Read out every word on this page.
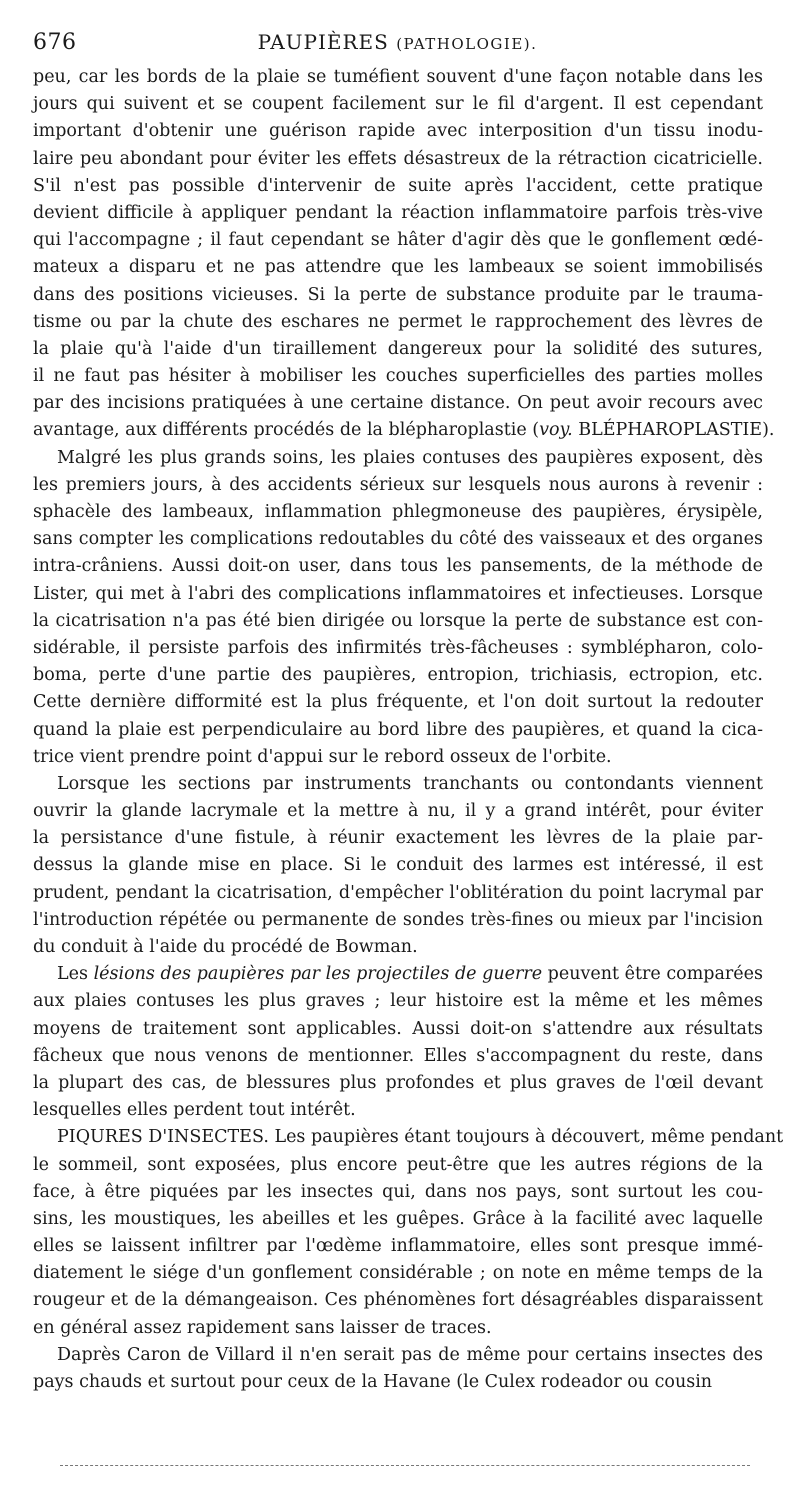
676	PAUPIÈRES (PATHOLOGIE).
peu, car les bords de la plaie se tuméfient souvent d'une façon notable dans les
jours qui suivent et se coupent facilement sur le fil d'argent. Il est cependant
important d'obtenir une guérison rapide avec interposition d'un tissu inodu-
laire peu abondant pour éviter les effets désastreux de la rétraction cicatricielle.
S'il n'est pas possible d'intervenir de suite après l'accident, cette pratique
devient difficile à appliquer pendant la réaction inflammatoire parfois très-vive
qui l'accompagne ; il faut cependant se hâter d'agir dès que le gonflement œdé-
mateux a disparu et ne pas attendre que les lambeaux se soient immobilisés
dans des positions vicieuses. Si la perte de substance produite par le trauma-
tisme ou par la chute des eschares ne permet le rapprochement des lèvres de
la plaie qu'à l'aide d'un tiraillement dangereux pour la solidité des sutures,
il ne faut pas hésiter à mobiliser les couches superficielles des parties molles
par des incisions pratiquées à une certaine distance. On peut avoir recours avec
avantage, aux différents procédés de la blépharoplastie (voy. BLÉPHAROPLASTIE).
Malgré les plus grands soins, les plaies contuses des paupières exposent, dès
les premiers jours, à des accidents sérieux sur lesquels nous aurons à revenir :
sphacèle des lambeaux, inflammation phlegmoneuse des paupières, érysipèle,
sans compter les complications redoutables du côté des vaisseaux et des organes
intra-crâniens. Aussi doit-on user, dans tous les pansements, de la méthode de
Lister, qui met à l'abri des complications inflammatoires et infectieuses. Lorsque
la cicatrisation n'a pas été bien dirigée ou lorsque la perte de substance est con-
sidérable, il persiste parfois des infirmités très-fâcheuses : symblépharon, colo-
boma, perte d'une partie des paupières, entropion, trichiasis, ectropion, etc.
Cette dernière difformité est la plus fréquente, et l'on doit surtout la redouter
quand la plaie est perpendiculaire au bord libre des paupières, et quand la cica-
trice vient prendre point d'appui sur le rebord osseux de l'orbite.
Lorsque les sections par instruments tranchants ou contondants viennent
ouvrir la glande lacrymale et la mettre à nu, il y a grand intérêt, pour éviter
la persistance d'une fistule, à réunir exactement les lèvres de la plaie par-
dessus la glande mise en place. Si le conduit des larmes est intéressé, il est
prudent, pendant la cicatrisation, d'empêcher l'oblitération du point lacrymal par
l'introduction répétée ou permanente de sondes très-fines ou mieux par l'incision
du conduit à l'aide du procédé de Bowman.
Les lésions des paupières par les projectiles de guerre peuvent être comparées
aux plaies contuses les plus graves ; leur histoire est la même et les mêmes
moyens de traitement sont applicables. Aussi doit-on s'attendre aux résultats
fâcheux que nous venons de mentionner. Elles s'accompagnent du reste, dans
la plupart des cas, de blessures plus profondes et plus graves de l'œil devant
lesquelles elles perdent tout intérêt.
PIQURES D'INSECTES. Les paupières étant toujours à découvert, même pendant
le sommeil, sont exposées, plus encore peut-être que les autres régions de la
face, à être piquées par les insectes qui, dans nos pays, sont surtout les cou-
sins, les moustiques, les abeilles et les guêpes. Grâce à la facilité avec laquelle
elles se laissent infiltrer par l'œdème inflammatoire, elles sont presque immé-
diatement le siége d'un gonflement considérable ; on note en même temps de la
rougeur et de la démangeaison. Ces phénomènes fort désagréables disparaissent
en général assez rapidement sans laisser de traces.
Daprès Caron de Villard il n'en serait pas de même pour certains insectes des
pays chauds et surtout pour ceux de la Havane (le Culex rodeador ou cousin
